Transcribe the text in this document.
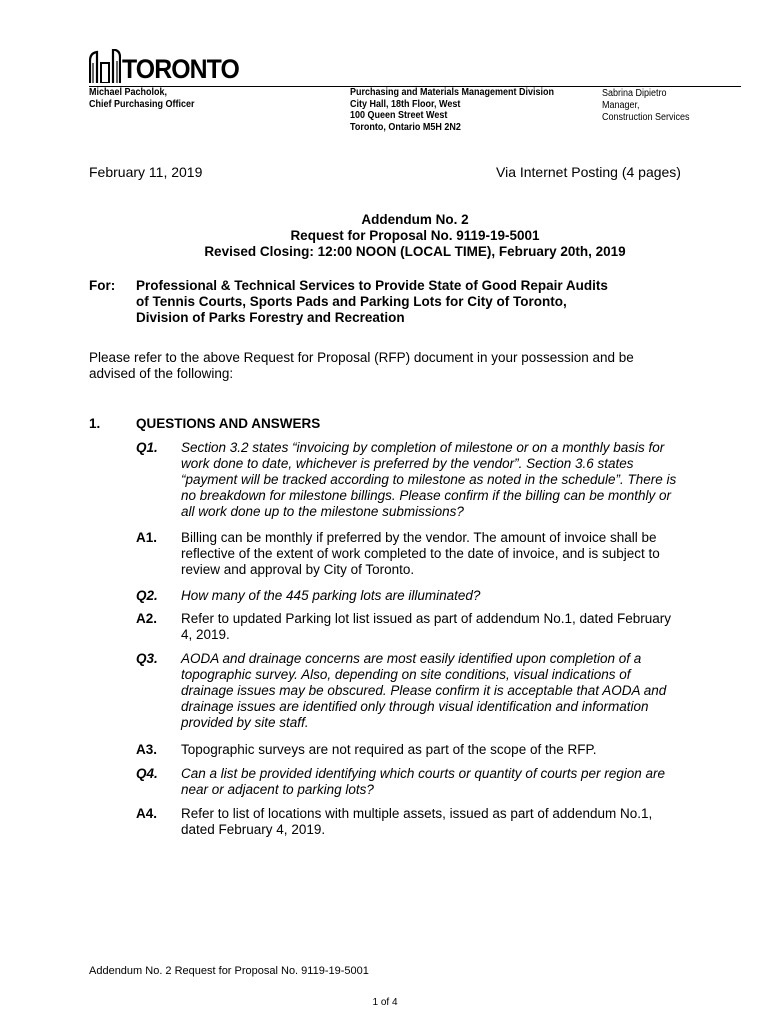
TORONTO
Michael Pacholok,
Chief Purchasing Officer
Purchasing and Materials Management Division
City Hall, 18th Floor, West
100 Queen Street West
Toronto, Ontario M5H 2N2
Sabrina Dipietro
Manager,
Construction Services
February 11, 2019	Via Internet Posting (4 pages)
Addendum No. 2
Request for Proposal No. 9119-19-5001
Revised Closing: 12:00 NOON (LOCAL TIME), February 20th, 2019
For: Professional & Technical Services to Provide State of Good Repair Audits
of Tennis Courts, Sports Pads and Parking Lots for City of Toronto,
Division of Parks Forestry and Recreation
Please refer to the above Request for Proposal (RFP) document in your possession and be advised of the following:
1.	QUESTIONS AND ANSWERS
Q1. Section 3.2 states “invoicing by completion of milestone or on a monthly basis for work done to date, whichever is preferred by the vendor”. Section 3.6 states “payment will be tracked according to milestone as noted in the schedule”. There is no breakdown for milestone billings. Please confirm if the billing can be monthly or all work done up to the milestone submissions?
A1. Billing can be monthly if preferred by the vendor. The amount of invoice shall be reflective of the extent of work completed to the date of invoice, and is subject to review and approval by City of Toronto.
Q2. How many of the 445 parking lots are illuminated?
A2. Refer to updated Parking lot list issued as part of addendum No.1, dated February 4, 2019.
Q3. AODA and drainage concerns are most easily identified upon completion of a topographic survey. Also, depending on site conditions, visual indications of drainage issues may be obscured. Please confirm it is acceptable that AODA and drainage issues are identified only through visual identification and information provided by site staff.
A3. Topographic surveys are not required as part of the scope of the RFP.
Q4. Can a list be provided identifying which courts or quantity of courts per region are near or adjacent to parking lots?
A4. Refer to list of locations with multiple assets, issued as part of addendum No.1, dated February 4, 2019.
Addendum No. 2 Request for Proposal No. 9119-19-5001
1 of 4
